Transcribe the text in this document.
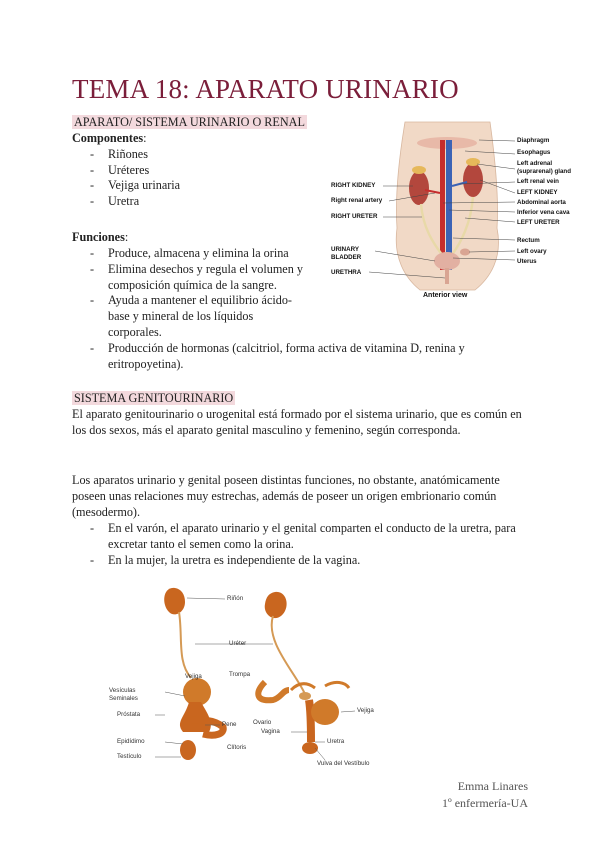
TEMA 18: APARATO URINARIO
APARATO/ SISTEMA URINARIO O RENAL
Componentes:
- Riñones
- Uréteres
- Vejiga urinaria
- Uretra
Funciones:
- Produce, almacena y elimina la orina
- Elimina desechos y regula el volumen y composición química de la sangre.
- Ayuda a mantener el equilibrio ácido-base y mineral de los líquidos corporales.
- Producción de hormonas (calcitriol, forma activa de vitamina D, renina y eritropoyetina).
RIGHT KIDNEY
Right renal artery
RIGHT URETER
URINARY BLADDER
URETHRA
Diaphragm
Esophagus
Left adrenal (suprarenal) gland
Left renal vein
LEFT KIDNEY
Abdominal aorta
Inferior vena cava
LEFT URETER
Rectum
Left ovary
Uterus
Anterior view
SISTEMA GENITOURINARIO
El aparato genitourinario o urogenital está formado por el sistema urinario, que es común en los dos sexos, más el aparato genital masculino y femenino, según corresponda.
Los aparatos urinario y genital poseen distintas funciones, no obstante, anatómicamente poseen unas relaciones muy estrechas, además de poseer un origen embrionario común (mesodermo).
- En el varón, el aparato urinario y el genital comparten el conducto de la uretra, para excretar tanto el semen como la orina.
- En la mujer, la uretra es independiente de la vagina.
Riñón
Uréter
Vejiga	Trompa
Vesículas Seminales
Próstata
Pene	Ovario
Vejiga
Vagina
Uretra
Epidídimo
Clítoris
Testículo
Vulva del Vestíbulo
Emma Linares
1º enfermería-UA
